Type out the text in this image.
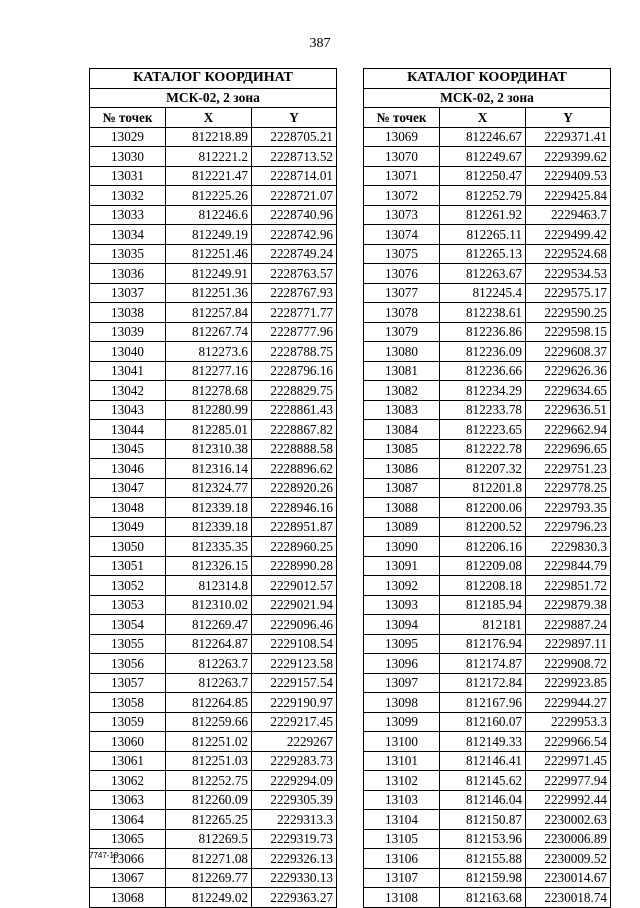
387
КАТАЛОГ КООРДИНАТ		
МСК-02, 2 зона		
№ точек	X	Y
13029	812218.89	2228705.21
13030	812221.2	2228713.52
13031	812221.47	2228714.01
13032	812225.26	2228721.07
13033	812246.6	2228740.96
13034	812249.19	2228742.96
13035	812251.46	2228749.24
13036	812249.91	2228763.57
13037	812251.36	2228767.93
13038	812257.84	2228771.77
13039	812267.74	2228777.96
13040	812273.6	2228788.75
13041	812277.16	2228796.16
13042	812278.68	2228829.75
13043	812280.99	2228861.43
13044	812285.01	2228867.82
13045	812310.38	2228888.58
13046	812316.14	2228896.62
13047	812324.77	2228920.26
13048	812339.18	2228946.16
13049	812339.18	2228951.87
13050	812335.35	2228960.25
13051	812326.15	2228990.28
13052	812314.8	2229012.57
13053	812310.02	2229021.94
13054	812269.47	2229096.46
13055	812264.87	2229108.54
13056	812263.7	2229123.58
13057	812263.7	2229157.54
13058	812264.85	2229190.97
13059	812259.66	2229217.45
13060	812251.02	2229267
13061	812251.03	2229283.73
13062	812252.75	2229294.09
13063	812260.09	2229305.39
13064	812265.25	2229313.3
13065	812269.5	2229319.73
13066	812271.08	2229326.13
13067	812269.77	2229330.13
13068	812249.02	2229363.27
КАТАЛОГ КООРДИНАТ		
МСК-02, 2 зона		
№ точек	X	Y
13069	812246.67	2229371.41
13070	812249.67	2229399.62
13071	812250.47	2229409.53
13072	812252.79	2229425.84
13073	812261.92	2229463.7
13074	812265.11	2229499.42
13075	812265.13	2229524.68
13076	812263.67	2229534.53
13077	812245.4	2229575.17
13078	812238.61	2229590.25
13079	812236.86	2229598.15
13080	812236.09	2229608.37
13081	812236.66	2229626.36
13082	812234.29	2229634.65
13083	812233.78	2229636.51
13084	812223.65	2229662.94
13085	812222.78	2229696.65
13086	812207.32	2229751.23
13087	812201.8	2229778.25
13088	812200.06	2229793.35
13089	812200.52	2229796.23
13090	812206.16	2229830.3
13091	812209.08	2229844.79
13092	812208.18	2229851.72
13093	812185.94	2229879.38
13094	812181	2229887.24
13095	812176.94	2229897.11
13096	812174.87	2229908.72
13097	812172.84	2229923.85
13098	812167.96	2229944.27
13099	812160.07	2229953.3
13100	812149.33	2229966.54
13101	812146.41	2229971.45
13102	812145.62	2229977.94
13103	812146.04	2229992.44
13104	812150.87	2230002.63
13105	812153.96	2230006.89
13106	812155.88	2230009.52
13107	812159.98	2230014.67
13108	812163.68	2230018.74
7747-18
